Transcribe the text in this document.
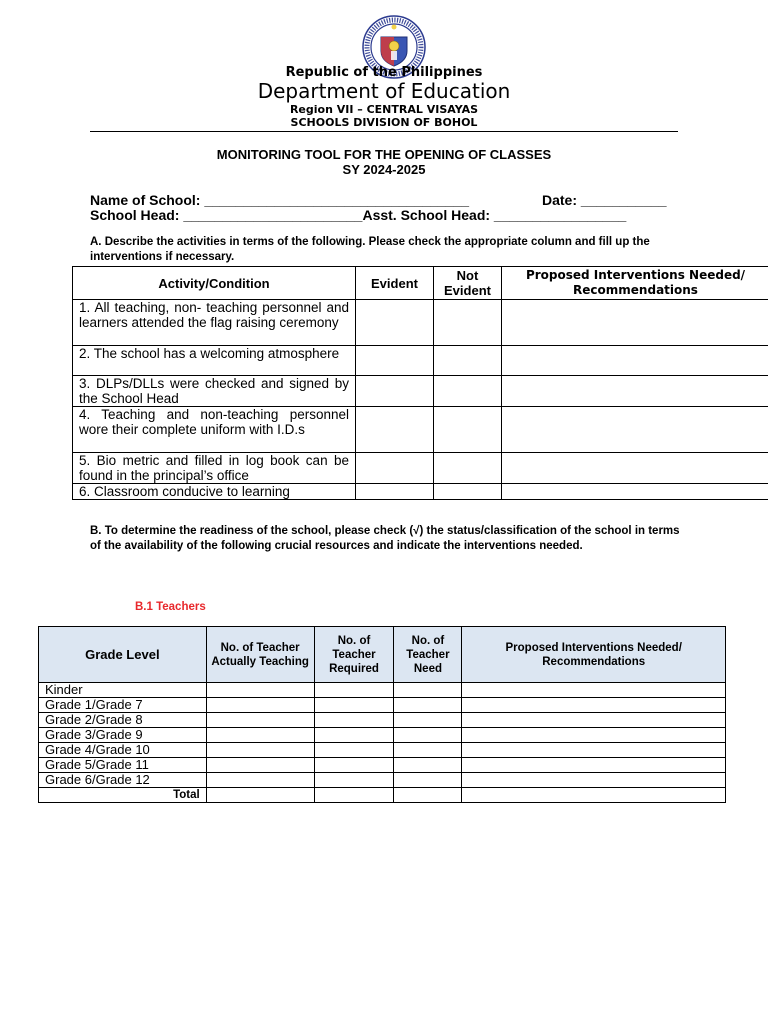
Republic of the Philippines
Department of Education
Region VII – CENTRAL VISAYAS
SCHOOLS DIVISION OF BOHOL
MONITORING TOOL FOR THE OPENING OF CLASSES
SY 2024-2025
Name of School: __________________________________	Date: ___________
School Head: _______________________Asst. School Head: _________________
A. Describe the activities in terms of the following. Please check the appropriate column and fill up the interventions if necessary.
Activity/Condition	Evident	Not Evident	Proposed Interventions Needed/ Recommendations
1. All teaching, non- teaching personnel and learners attended the flag raising ceremony			
2. The school has a welcoming atmosphere			
3. DLPs/DLLs were checked and signed by the School Head			
4. Teaching and non-teaching personnel wore their complete uniform with I.D.s			
5. Bio metric and filled in log book can be found in the principal’s office			
6. Classroom conducive to learning			
B. To determine the readiness of the school, please check (√) the status/classification of the school in terms of the availability of the following crucial resources and indicate the interventions needed.
B.1 Teachers
Grade Level	No. of Teacher Actually Teaching	No. of Teacher Required	No. of Teacher Need	Proposed Interventions Needed/ Recommendations
Kinder				
Grade 1/Grade 7				
Grade 2/Grade 8				
Grade 3/Grade 9				
Grade 4/Grade 10				
Grade 5/Grade 11				
Grade 6/Grade 12				
Total				
